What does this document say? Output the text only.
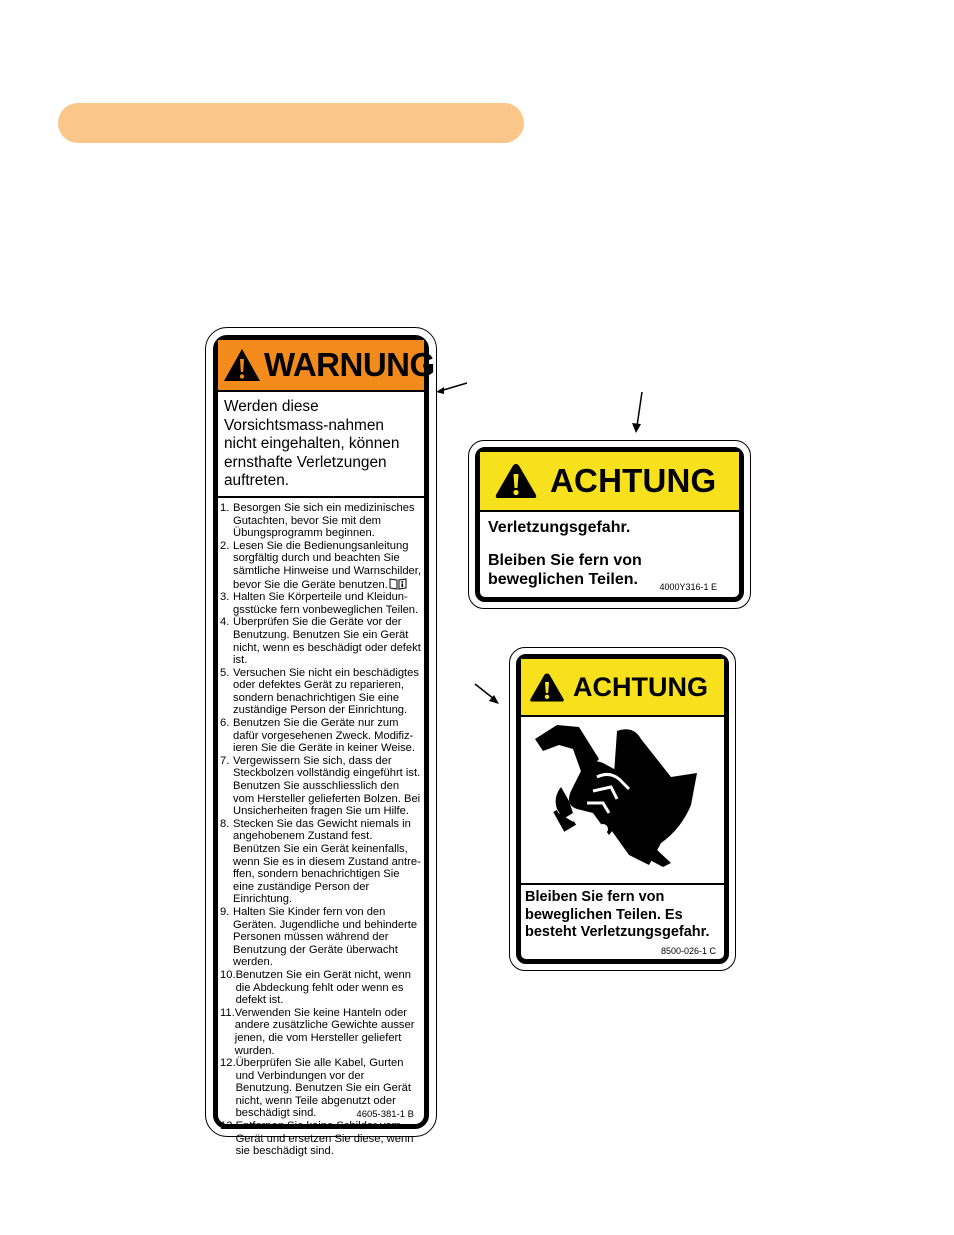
WARNUNG
Werden diese Vorsichtsmass-nahmen nicht eingehalten, können ernsthafte Verletzungen auftreten.
1. Besorgen Sie sich ein medizinisches Gutachten, bevor Sie mit dem Übungsprogramm beginnen.
2. Lesen Sie die Bedienungsanleitung sorgfältig durch und beachten Sie sämtliche Hinweise und Warnschilder, bevor Sie die Geräte benutzen.
3. Halten Sie Körperteile und Kleidun-gsstücke fern vonbeweglichen Teilen.
4. Überprüfen Sie die Geräte vor der Benutzung. Benutzen Sie ein Gerät nicht, wenn es beschädigt oder defekt ist.
5. Versuchen Sie nicht ein beschädigtes oder defektes Gerät zu reparieren, sondern benachrichtigen Sie eine zuständige Person der Einrichtung.
6. Benutzen Sie die Geräte nur zum dafür vorgesehenen Zweck. Modifiz-ieren Sie die Geräte in keiner Weise.
7. Vergewissern Sie sich, dass der Steckbolzen vollständig eingeführt ist. Benutzen Sie ausschliesslich den vom Hersteller gelieferten Bolzen. Bei Unsicherheiten fragen Sie um Hilfe.
8. Stecken Sie das Gewicht niemals in angehobenem Zustand fest. Benützen Sie ein Gerät keinenfalls, wenn Sie es in diesem Zustand antre-ffen, sondern benachrichtigen Sie eine zuständige Person der Einrichtung.
9. Halten Sie Kinder fern von den Geräten. Jugendliche und behinderte Personen müssen während der Benutzung der Geräte überwacht werden.
10. Benutzen Sie ein Gerät nicht, wenn die Abdeckung fehlt oder wenn es defekt ist.
11. Verwenden Sie keine Hanteln oder andere zusätzliche Gewichte ausser jenen, die vom Hersteller geliefert wurden.
12. Überprüfen Sie alle Kabel, Gurten und Verbindungen vor der Benutzung. Benutzen Sie ein Gerät nicht, wenn Teile abgenutzt oder beschädigt sind.
13. Entfernen Sie keine Schilder vom Gerät und ersetzen Sie diese, wenn sie beschädigt sind.
4605-381-1 B
ACHTUNG
Verletzungsgefahr.
Bleiben Sie fern von beweglichen Teilen.	4000Y316-1 E
ACHTUNG
Bleiben Sie fern von beweglichen Teilen. Es besteht Verletzungsgefahr.
8500-026-1 C
